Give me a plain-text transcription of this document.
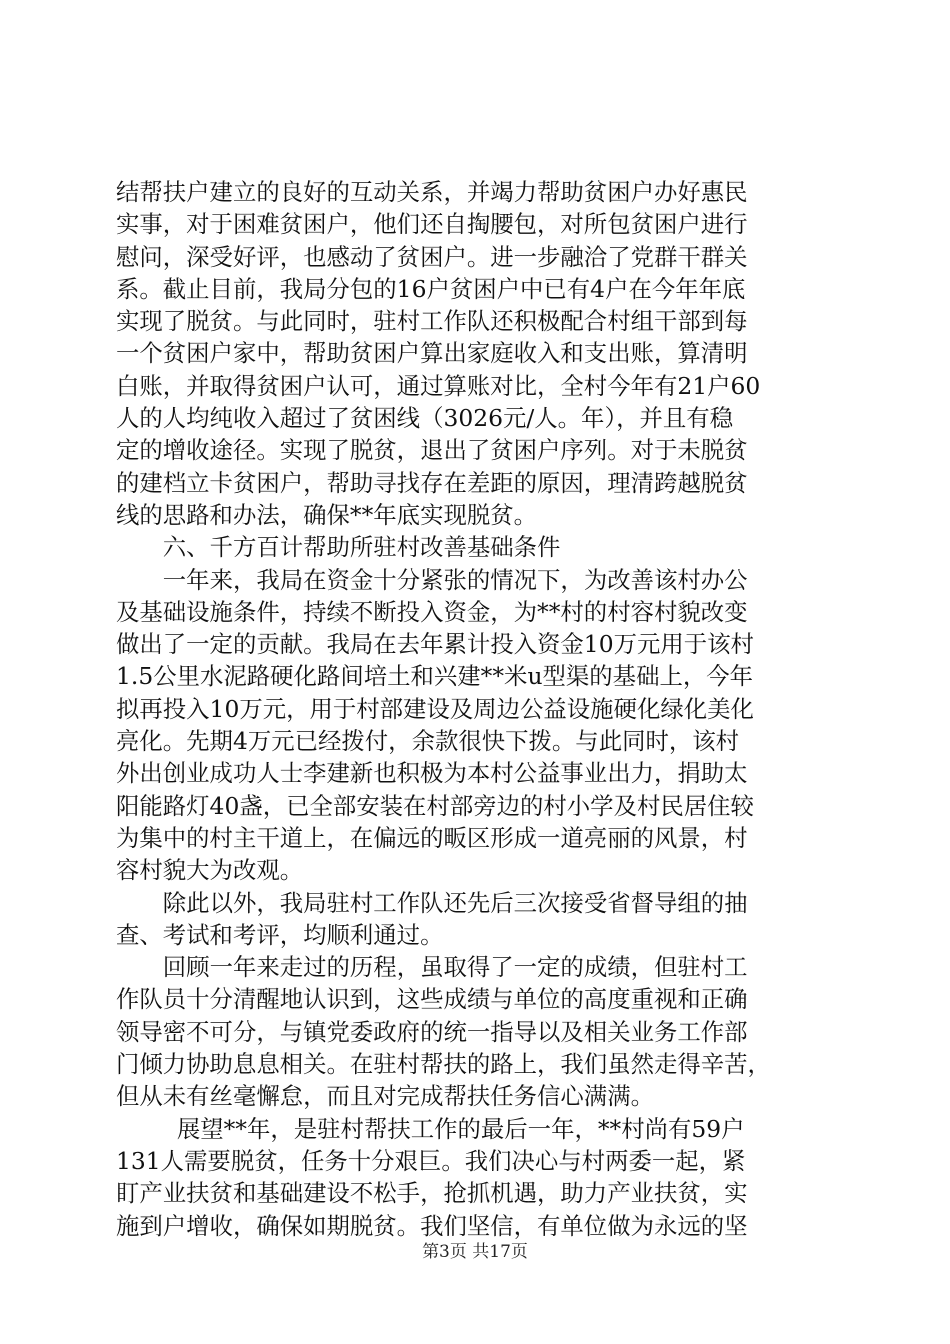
结帮扶户建立的良好的互动关系，并竭力帮助贫困户办好惠民
实事，对于困难贫困户，他们还自掏腰包，对所包贫困户进行
慰问，深受好评，也感动了贫困户。进一步融洽了党群干群关
系。截止目前，我局分包的16户贫困户中已有4户在今年年底
实现了脱贫。与此同时，驻村工作队还积极配合村组干部到每
一个贫困户家中，帮助贫困户算出家庭收入和支出账，算清明
白账，并取得贫困户认可，通过算账对比，全村今年有21户60
人的人均纯收入超过了贫困线（3026元/人。年），并且有稳
定的增收途径。实现了脱贫，退出了贫困户序列。对于未脱贫
的建档立卡贫困户，帮助寻找存在差距的原因，理清跨越脱贫
线的思路和办法，确保**年底实现脱贫。
六、千方百计帮助所驻村改善基础条件
一年来，我局在资金十分紧张的情况下，为改善该村办公
及基础设施条件，持续不断投入资金，为**村的村容村貌改变
做出了一定的贡献。我局在去年累计投入资金10万元用于该村
1.5公里水泥路硬化路间培土和兴建**米u型渠的基础上，今年
拟再投入10万元，用于村部建设及周边公益设施硬化绿化美化
亮化。先期4万元已经拨付，余款很快下拨。与此同时，该村
外出创业成功人士李建新也积极为本村公益事业出力，捐助太
阳能路灯40盏，已全部安装在村部旁边的村小学及村民居住较
为集中的村主干道上，在偏远的畈区形成一道亮丽的风景，村
容村貌大为改观。
除此以外，我局驻村工作队还先后三次接受省督导组的抽
查、考试和考评，均顺利通过。
回顾一年来走过的历程，虽取得了一定的成绩，但驻村工
作队员十分清醒地认识到，这些成绩与单位的高度重视和正确
领导密不可分，与镇党委政府的统一指导以及相关业务工作部
门倾力协助息息相关。在驻村帮扶的路上，我们虽然走得辛苦，
但从未有丝毫懈怠，而且对完成帮扶任务信心满满。
展望**年，是驻村帮扶工作的最后一年，**村尚有59户
131人需要脱贫，任务十分艰巨。我们决心与村两委一起，紧
盯产业扶贫和基础建设不松手，抢抓机遇，助力产业扶贫，实
施到户增收，确保如期脱贫。我们坚信，有单位做为永远的坚
第3页 共17页
